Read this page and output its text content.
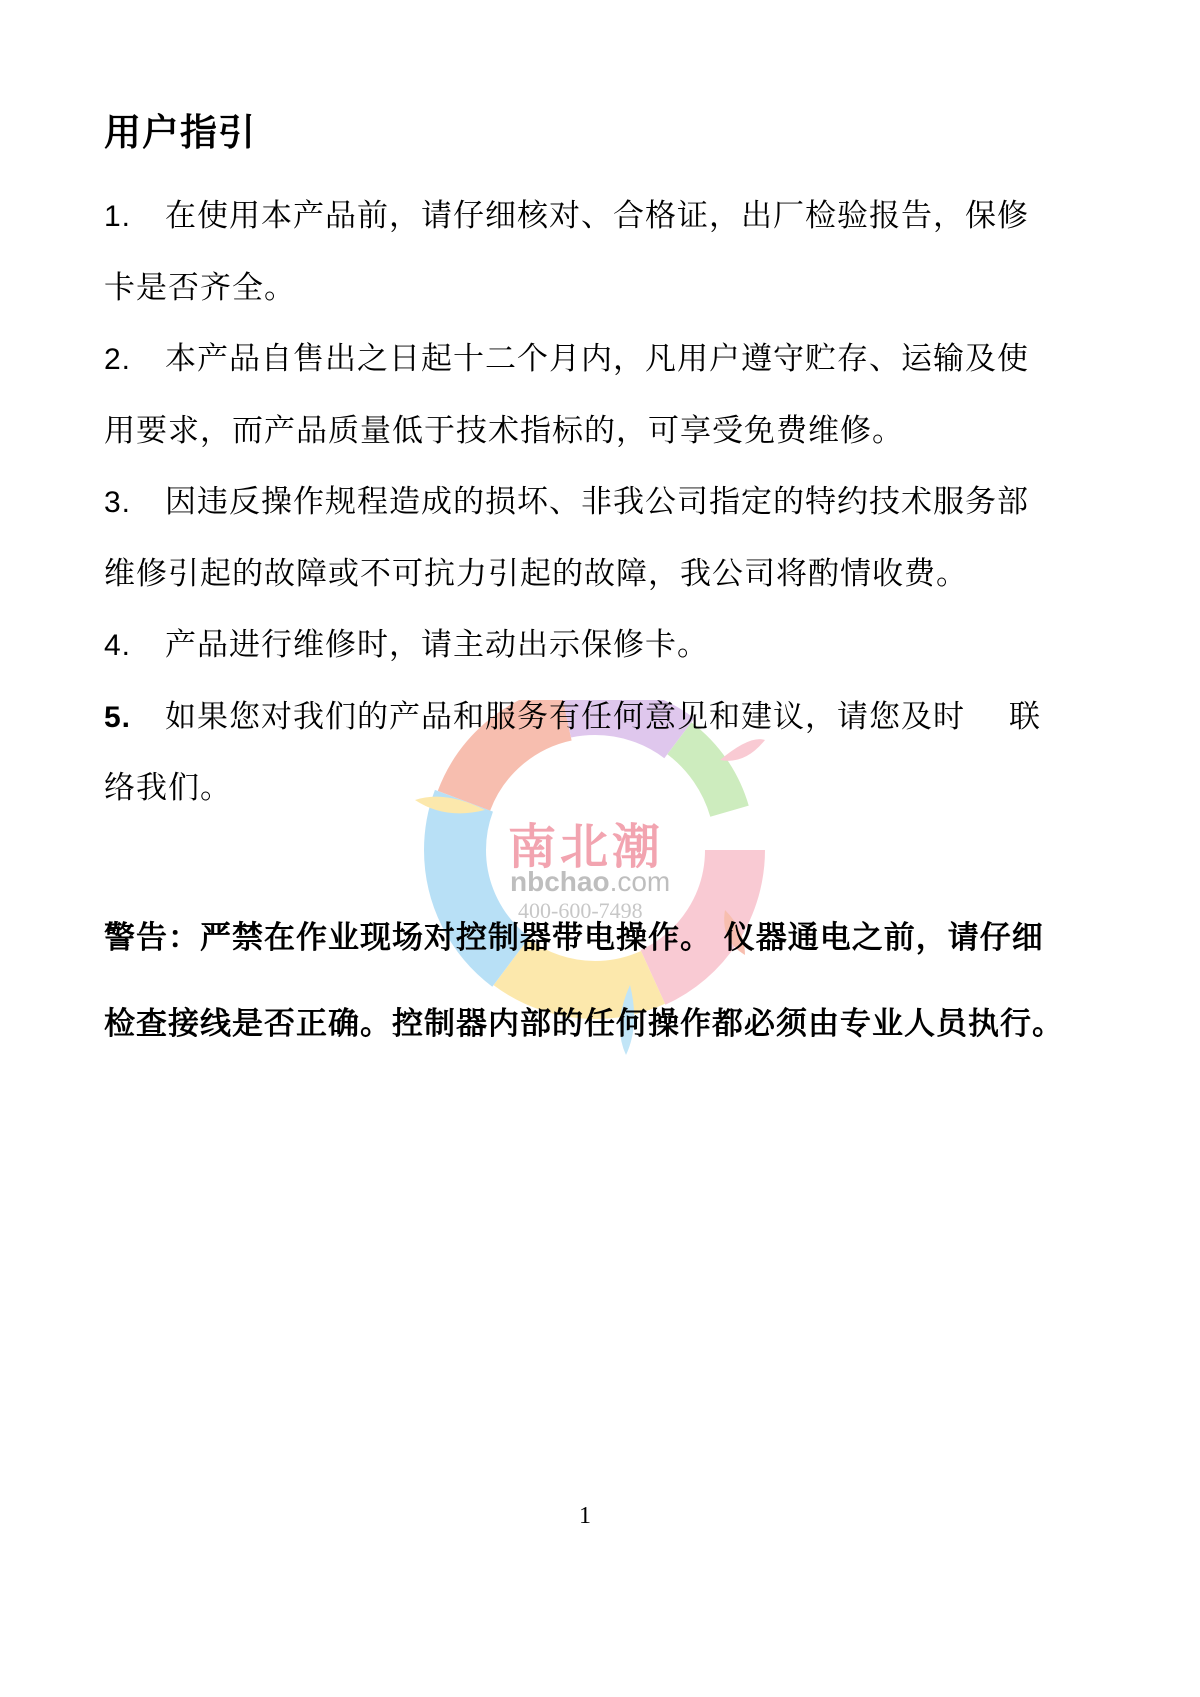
南北潮
nbchao.com
400-600-7498
用户指引
1. 在使用本产品前，请仔细核对、合格证，出厂检验报告，保修
卡是否齐全。
2. 本产品自售出之日起十二个月内，凡用户遵守贮存、运输及使
用要求，而产品质量低于技术指标的，可享受免费维修。
3. 因违反操作规程造成的损坏、非我公司指定的特约技术服务部
维修引起的故障或不可抗力引起的故障，我公司将酌情收费。
4. 产品进行维修时，请主动出示保修卡。
5. 如果您对我们的产品和服务有任何意见和建议，请您及时 联
络我们。
警告：严禁在作业现场对控制器带电操作。 仪器通电之前，请仔细
检查接线是否正确。控制器内部的任何操作都必须由专业人员执行。
1
